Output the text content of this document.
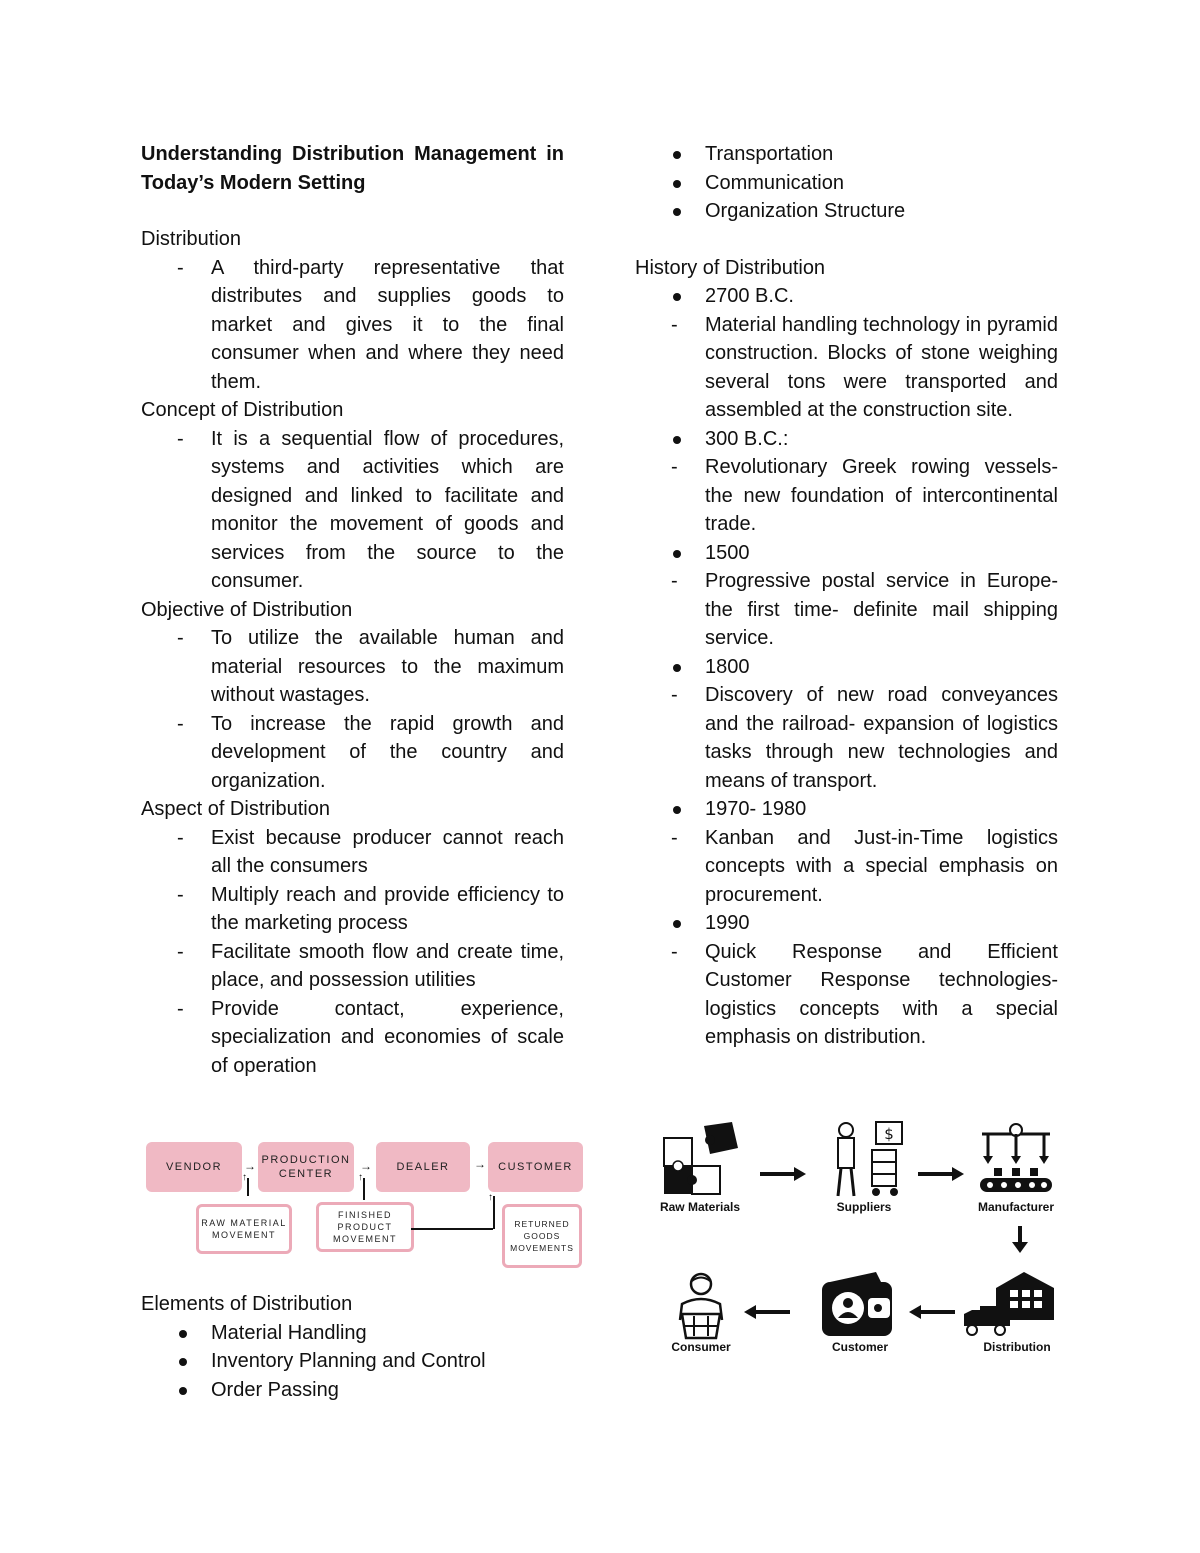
Understanding Distribution Management in Today’s Modern Setting

Distribution

- A third-party representative that distributes and supplies goods to market and gives it to the final consumer when and where they need them.

Concept of Distribution

- It is a sequential flow of procedures, systems and activities which are designed and linked to facilitate and monitor the movement of goods and services from the source to the consumer.

Objective of Distribution

- To utilize the available human and material resources to the maximum without wastages.
- To increase the rapid growth and development of the country and organization.

Aspect of Distribution

- Exist because producer cannot reach all the consumers
- Multiply reach and provide efficiency to the marketing process
- Facilitate smooth flow and create time, place, and possession utilities
- Provide contact, experience, specialization and economies of scale of operation
VENDOR	→ PRODUCTION CENTER
→	DEALER	→	CUSTOMER
↑	↑
RAW MATERIAL MOVEMENT
FINISHED PRODUCT MOVEMENT
↑
RETURNED GOODS MOVEMENTS

Elements of Distribution

Material Handling
Inventory Planning and Control
Order Passing
Transportation
Communication
Organization Structure

History of Distribution

2700 B.C.
- Material handling technology in pyramid construction. Blocks of stone weighing several tons were transported and assembled at the construction site.
300 B.C.:
- Revolutionary Greek rowing vessels- the new foundation of intercontinental trade.
1500
- Progressive postal service in Europe- the first time- definite mail shipping service.
1800
- Discovery of new road conveyances and the railroad- expansion of logistics tasks through new technologies and means of transport.
1970- 1980
- Kanban and Just-in-Time logistics concepts with a special emphasis on procurement.
1990
- Quick Response and Efficient Customer Response technologies- logistics concepts with a special emphasis on distribution.
Raw Materials
$
Suppliers	Manufacturer
Distribution
Customer
Consumer
